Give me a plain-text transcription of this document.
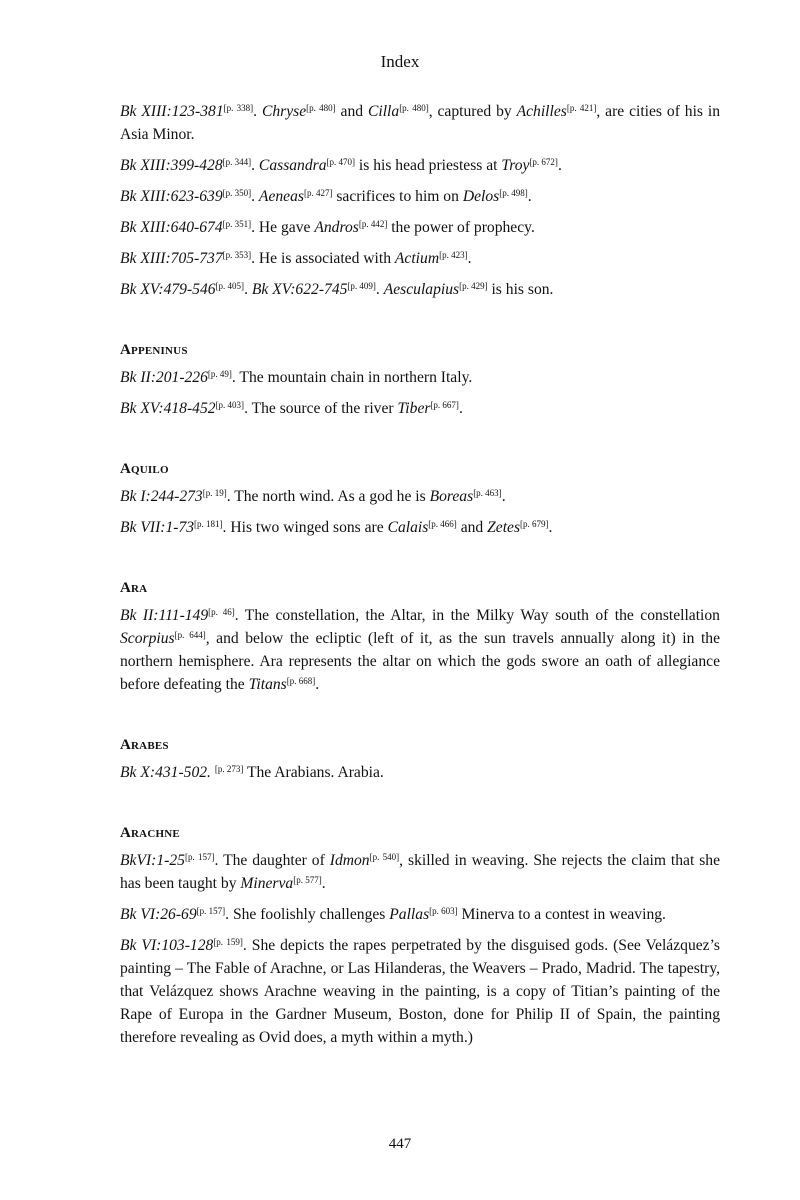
Index
Bk XIII:123-381[p. 338]. Chryse[p. 480] and Cilla[p. 480], captured by Achilles[p. 421], are cities of his in Asia Minor.
Bk XIII:399-428[p. 344]. Cassandra[p. 470] is his head priestess at Troy[p. 672].
Bk XIII:623-639[p. 350]. Aeneas[p. 427] sacrifices to him on Delos[p. 498].
Bk XIII:640-674[p. 351]. He gave Andros[p. 442] the power of prophecy.
Bk XIII:705-737[p. 353]. He is associated with Actium[p. 423].
Bk XV:479-546[p. 405]. Bk XV:622-745[p. 409]. Aesculapius[p. 429] is his son.
Appeninus
Bk II:201-226[p. 49]. The mountain chain in northern Italy.
Bk XV:418-452[p. 403]. The source of the river Tiber[p. 667].
Aquilo
Bk I:244-273[p. 19]. The north wind. As a god he is Boreas[p. 463].
Bk VII:1-73[p. 181]. His two winged sons are Calais[p. 466] and Zetes[p. 679].
Ara
Bk II:111-149[p. 46]. The constellation, the Altar, in the Milky Way south of the constellation Scorpius[p. 644], and below the ecliptic (left of it, as the sun travels annually along it) in the northern hemisphere. Ara represents the altar on which the gods swore an oath of allegiance before defeating the Titans[p. 668].
Arabes
Bk X:431-502. [p. 273] The Arabians. Arabia.
Arachne
BkVI:1-25[p. 157]. The daughter of Idmon[p. 540], skilled in weaving. She rejects the claim that she has been taught by Minerva[p. 577].
Bk VI:26-69[p. 157]. She foolishly challenges Pallas[p. 603] Minerva to a contest in weaving.
Bk VI:103-128[p. 159]. She depicts the rapes perpetrated by the disguised gods. (See Velázquez’s painting – The Fable of Arachne, or Las Hilanderas, the Weavers – Prado, Madrid. The tapestry, that Velázquez shows Arachne weaving in the painting, is a copy of Titian’s painting of the Rape of Europa in the Gardner Museum, Boston, done for Philip II of Spain, the painting therefore revealing as Ovid does, a myth within a myth.)
447
